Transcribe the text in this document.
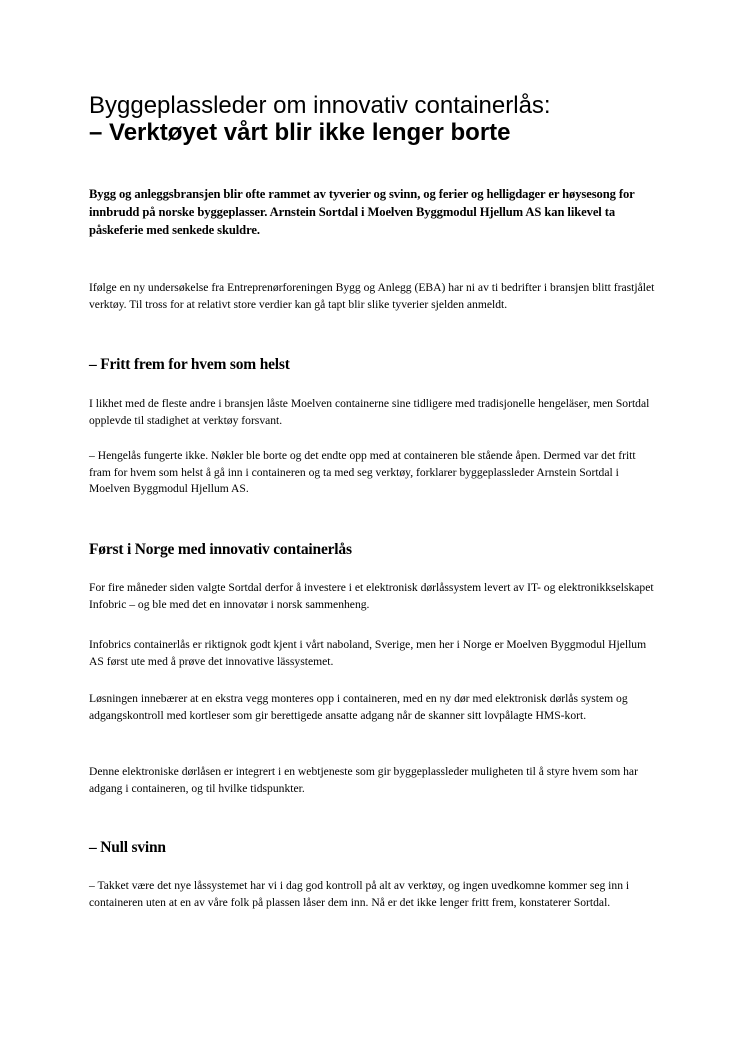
Byggeplassleder om innovativ containerlås:
– Verktøyet vårt blir ikke lenger borte
Bygg og anleggsbransjen blir ofte rammet av tyverier og svinn, og ferier og helligdager er høysesong for innbrudd på norske byggeplasser. Arnstein Sortdal i Moelven Byggmodul Hjellum AS kan likevel ta påskeferie med senkede skuldre.
Ifølge en ny undersøkelse fra Entreprenørforeningen Bygg og Anlegg (EBA) har ni av ti bedrifter i bransjen blitt frastjålet verktøy. Til tross for at relativt store verdier kan gå tapt blir slike tyverier sjelden anmeldt.
– Fritt frem for hvem som helst
I likhet med de fleste andre i bransjen låste Moelven containerne sine tidligere med tradisjonelle hengeläser, men Sortdal opplevde til stadighet at verktøy forsvant.
– Hengelås fungerte ikke. Nøkler ble borte og det endte opp med at containeren ble stående åpen. Dermed var det fritt fram for hvem som helst å gå inn i containeren og ta med seg verktøy, forklarer byggeplassleder Arnstein Sortdal i Moelven Byggmodul Hjellum AS.
Først i Norge med innovativ containerlås
For fire måneder siden valgte Sortdal derfor å investere i et elektronisk dørlåssystem levert av IT- og elektronikkselskapet Infobric – og ble med det en innovatør i norsk sammenheng.
Infobrics containerlås er riktignok godt kjent i vårt naboland, Sverige, men her i Norge er Moelven Byggmodul Hjellum AS først ute med å prøve det innovative lässystemet.
Løsningen innebærer at en ekstra vegg monteres opp i containeren, med en ny dør med elektronisk dørlås system og adgangskontroll med kortleser som gir berettigede ansatte adgang når de skanner sitt lovpålagte HMS-kort.
Denne elektroniske dørlåsen er integrert i en webtjeneste som gir byggeplassleder muligheten til å styre hvem som har adgang i containeren, og til hvilke tidspunkter.
– Null svinn
– Takket være det nye låssystemet har vi i dag god kontroll på alt av verktøy, og ingen uvedkomne kommer seg inn i containeren uten at en av våre folk på plassen låser dem inn. Nå er det ikke lenger fritt frem, konstaterer Sortdal.
